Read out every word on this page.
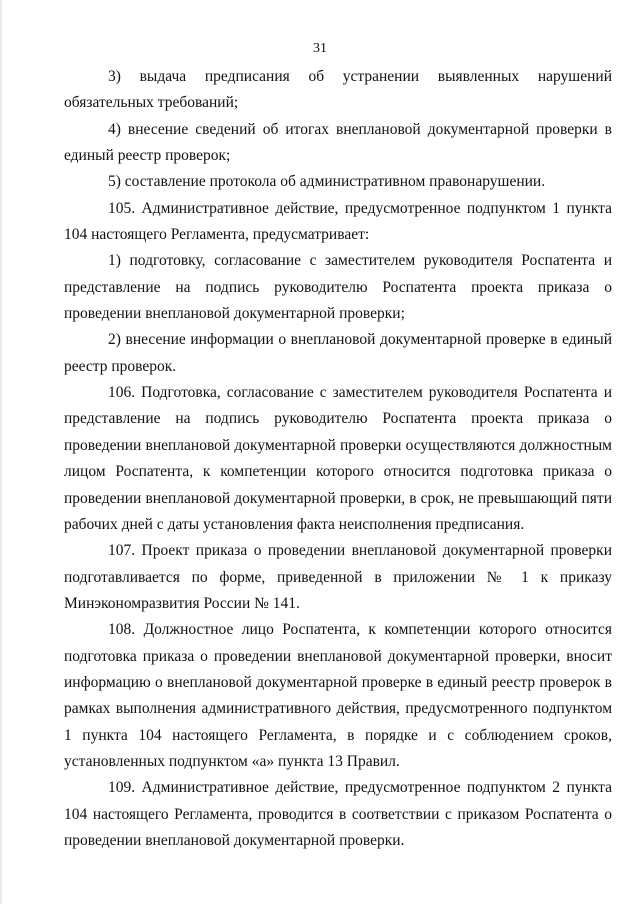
31

3) выдача предписания об устранении выявленных нарушений обязательных требований;

4) внесение сведений об итогах внеплановой документарной проверки в единый реестр проверок;

5) составление протокола об административном правонарушении.

105. Административное действие, предусмотренное подпунктом 1 пункта 104 настоящего Регламента, предусматривает:

1) подготовку, согласование с заместителем руководителя Роспатента и представление на подпись руководителю Роспатента проекта приказа о проведении внеплановой документарной проверки;

2) внесение информации о внеплановой документарной проверке в единый реестр проверок.

106. Подготовка, согласование с заместителем руководителя Роспатента и представление на подпись руководителю Роспатента проекта приказа о проведении внеплановой документарной проверки осуществляются должностным лицом Роспатента, к компетенции которого относится подготовка приказа о проведении внеплановой документарной проверки, в срок, не превышающий пяти рабочих дней с даты установления факта неисполнения предписания.

107. Проект приказа о проведении внеплановой документарной проверки подготавливается по форме, приведенной в приложении № 1 к приказу Минэкономразвития России № 141.

108. Должностное лицо Роспатента, к компетенции которого относится подготовка приказа о проведении внеплановой документарной проверки, вносит информацию о внеплановой документарной проверке в единый реестр проверок в рамках выполнения административного действия, предусмотренного подпунктом 1 пункта 104 настоящего Регламента, в порядке и с соблюдением сроков, установленных подпунктом «а» пункта 13 Правил.

109. Административное действие, предусмотренное подпунктом 2 пункта 104 настоящего Регламента, проводится в соответствии с приказом Роспатента о проведении внеплановой документарной проверки.
